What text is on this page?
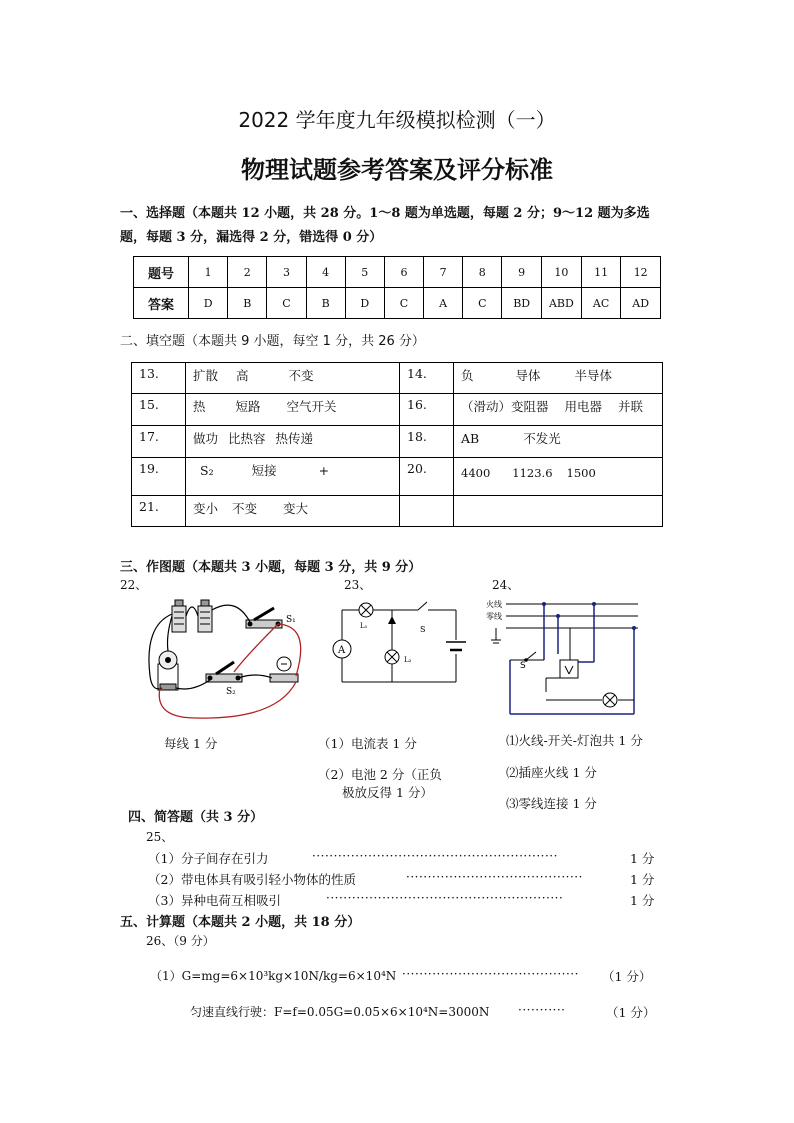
2022 学年度九年级模拟检测（一）
物理试题参考答案及评分标准
一、选择题（本题共 12 小题，共 28 分。1～8 题为单选题，每题 2 分；9～12 题为多选
题，每题 3 分，漏选得 2 分，错选得 0 分）
题号	1	2	3	4	5	6	7	8	9	10	11	12
答案	D	B	C	B	D	C	A	C	BD	ABD	AC	AD
二、填空题（本题共 9 小题，每空 1 分，共 26 分）
13.	扩散 高 不变	14.	负 导体 半导体
15.	热 短路 空气开关	16.	（滑动）变阻器 用电器 并联
17.	做功 比热容 热传递	18.	AB 不发光
19.	S₂ 短接 +	20.	4400 1123.6 1500
21.	变小 不变 变大		
三、作图题（本题共 3 小题，每题 3 分，共 9 分）
22、	23、	24、
S₁
S₂
S
A
L₁
L₂
火线
零线
S
每线 1 分	（1）电流表 1 分
（2）电池 2 分（正负
极放反得 1 分）
⑴火线-开关-灯泡共 1 分
⑵插座火线 1 分
⑶零线连接 1 分
四、简答题（共 3 分）
25、
（1）分子间存在引力	·························································	1 分
（2）带电体具有吸引轻小物体的性质	·········································	1 分
（3）异种电荷互相吸引	·······················································	1 分
五、计算题（本题共 2 小题，共 18 分）
26、（9 分）
（1）G=mg=6×10³kg×10N/kg=6×10⁴N ········································· （1 分）
匀速直线行驶：F=f=0.05G=0.05×6×10⁴N=3000N ···········	（1 分）
